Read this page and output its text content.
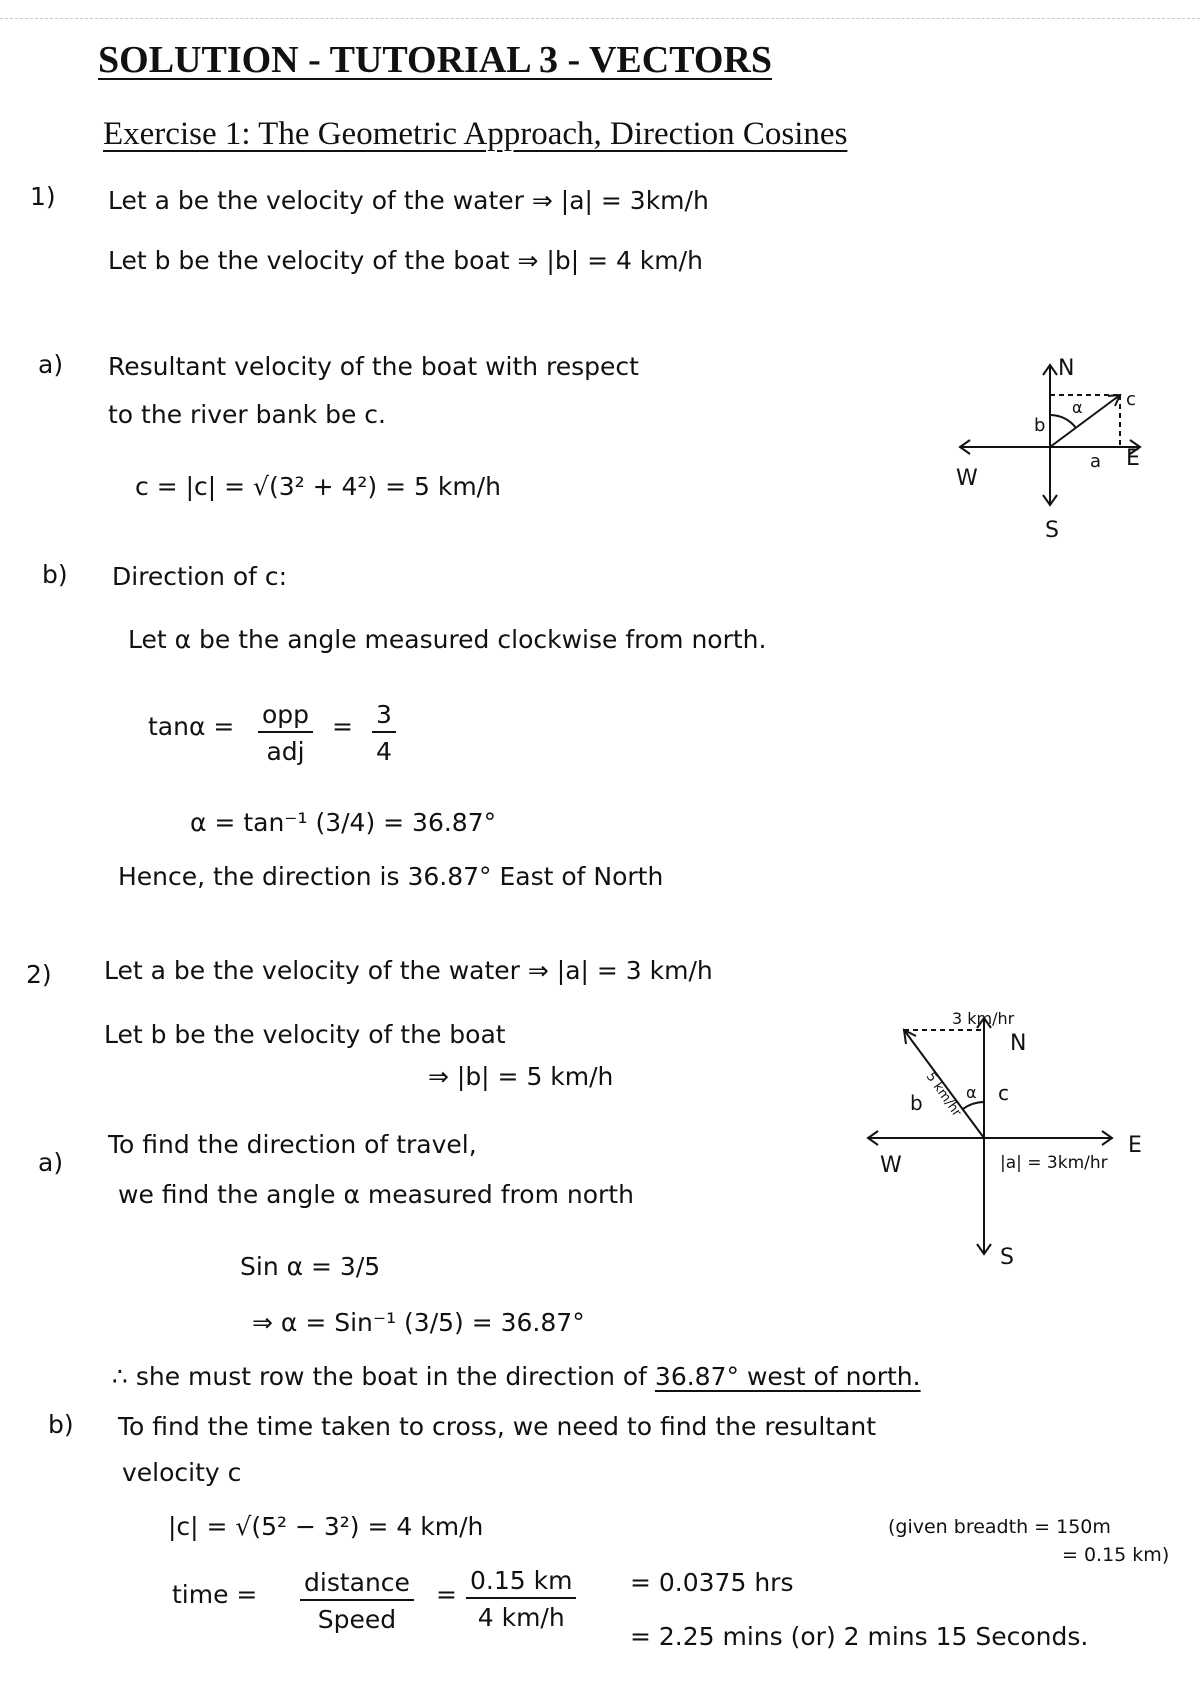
SOLUTION - TUTORIAL 3 - VECTORS
Exercise 1: The Geometric Approach, Direction Cosines
1) Let a be the velocity of the water ⇒ |a| = 3km/h
Let b be the velocity of the boat ⇒ |b| = 4 km/h
a) Resultant velocity of the boat with respect
to the river bank be c.
c = |c| = √(3² + 4²) = 5 km/h
N
E
W
S
b
c
a
α
b) Direction of c:
Let α be the angle measured clockwise from north.
tanα = opp
adj
= $\frac{3}{4}$
α = tan⁻¹ (3/4) = 36.87°
Hence, the direction is 36.87° East of North
2) Let a be the velocity of the water ⇒ |a| = 3 km/h
Let b be the velocity of the boat
⇒ |b| = 5 km/h
a)
To find the direction of travel,
we find the angle α measured from north
Sin α = 3/5
⇒ α = Sin⁻¹ (3/5) = 36.87°
∴ she must row the boat in the direction of 36.87° west of north.
E
N
W
S
3 km/hr
5 km/hr
b	α c
|a| = 3km/hr
b) To find the time taken to cross, we need to find the resultant
velocity c
|c| = √(5² − 3²) = 4 km/h	(given breadth = 150m
= 0.15 km)
time = distance
Speed
= $\frac{0.15 km}{4 km/h} = 0.0375$ hrs
= 2.25 mins (or) 2 mins 15 Seconds.
